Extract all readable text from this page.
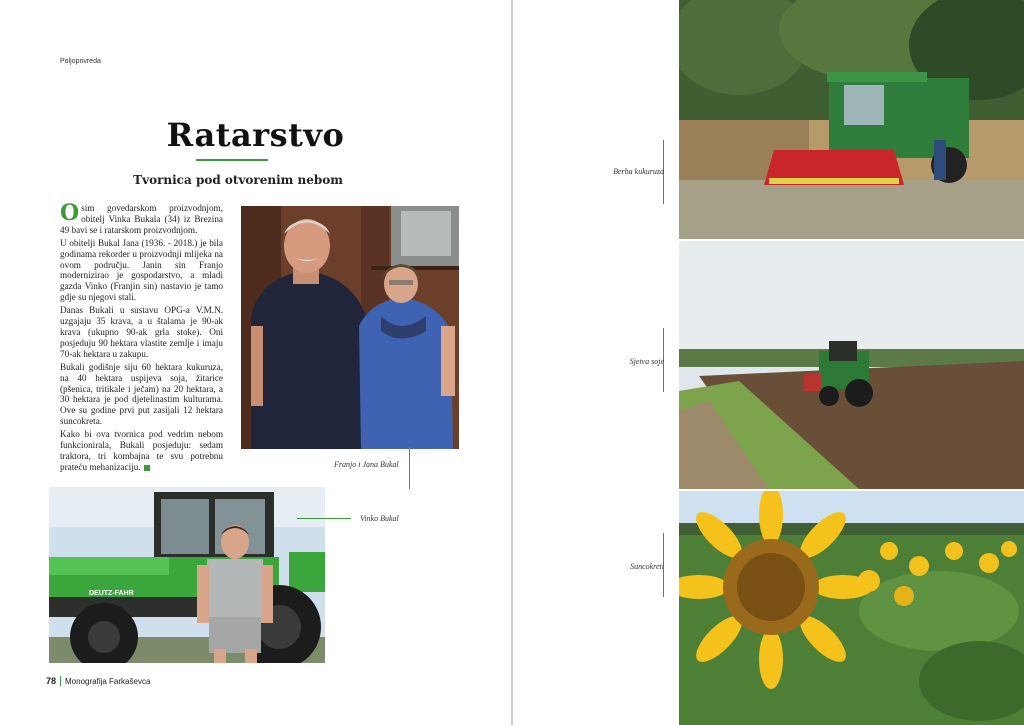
Poljoprivreda
Ratarstvo
Tvornica pod otvorenim nebom

Osim govedarskom proizvodnjom, obitelj Vinka Bukala (34) iz Brezina 49 bavi se i ratarskom proizvodnjom.

U obitelji Bukal Jana (1936. - 2018.) je bila godinama rekorder u proizvodnji mlijeka na ovom području. Janin sin Franjo modernizirao je gospodarstvo, a mladi gazda Vinko (Franjin sin) nastavio je tamo gdje su njegovi stali.

Danas Bukali u sustavu OPG-a V.M.N. uzgajaju 35 krava, a u štalama je 90-ak krava (ukupno 90-ak grla stoke). Oni posjeduju 90 hektara vlastite zemlje i imaju 70-ak hektara u zakupu.

Bukali godišnje siju 60 hektara kukuruza, na 40 hektara uspijeva soja, žitarice (pšenica, tritikale i ječam) na 20 hektara, a 30 hektara je pod djetelinastim kulturama. Ove su godine prvi put zasijali 12 hektara suncokreta.

Kako bi ova tvornica pod vedrim nebom funkcionirala, Bukali posjeduju: sedam traktora, tri kombajna te svu potrebnu prateću mehanizaciju.	Franjo i Jana Bukal
DEUTZ-FAHR
Vinko Bukal
78 Monografija Farkaševca
Berba kukuruza
Sjetva soje
Suncokreti
